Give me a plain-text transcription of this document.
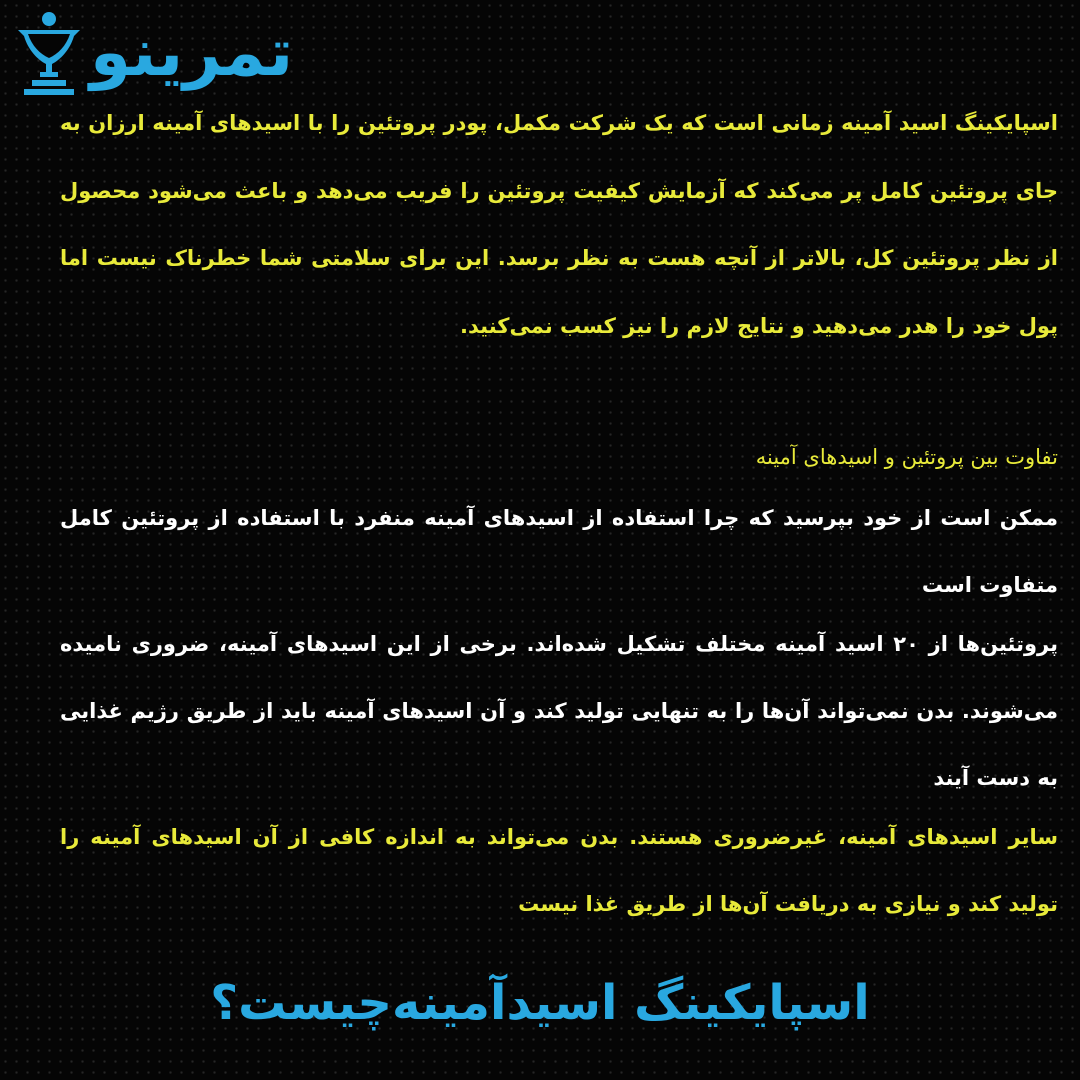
تمرینو

اسپایکینگ اسید آمینه زمانی است که یک شرکت مکمل، پودر پروتئین را با اسیدهای آمینه ارزان به جای پروتئین کامل پر می‌کند که آزمایش کیفیت پروتئین را فریب می‌دهد و باعث می‌شود محصول از نظر پروتئین کل، بالاتر از آنچه هست به نظر برسد. این برای سلامتی شما خطرناک نیست اما پول خود را هدر می‌دهید و نتایج لازم را نیز کسب نمی‌کنید.

تفاوت بین پروتئین و اسیدهای آمینه

ممکن است از خود بپرسید که چرا استفاده از اسیدهای آمینه منفرد با استفاده از پروتئین کامل متفاوت است

پروتئین‌ها از ۲۰ اسید آمینه مختلف تشکیل شده‌اند. برخی از این اسیدهای آمینه، ضروری نامیده می‌شوند. بدن نمی‌تواند آن‌ها را به تنهایی تولید کند و آن اسیدهای آمینه باید از طریق رژیم غذایی به دست آیند

سایر اسیدهای آمینه، غیرضروری هستند. بدن می‌تواند به اندازه کافی از آن اسیدهای آمینه را تولید کند و نیازی به دریافت آن‌ها از طریق غذا نیست

اسپایکینگ اسیدآمینه‌چیست؟
